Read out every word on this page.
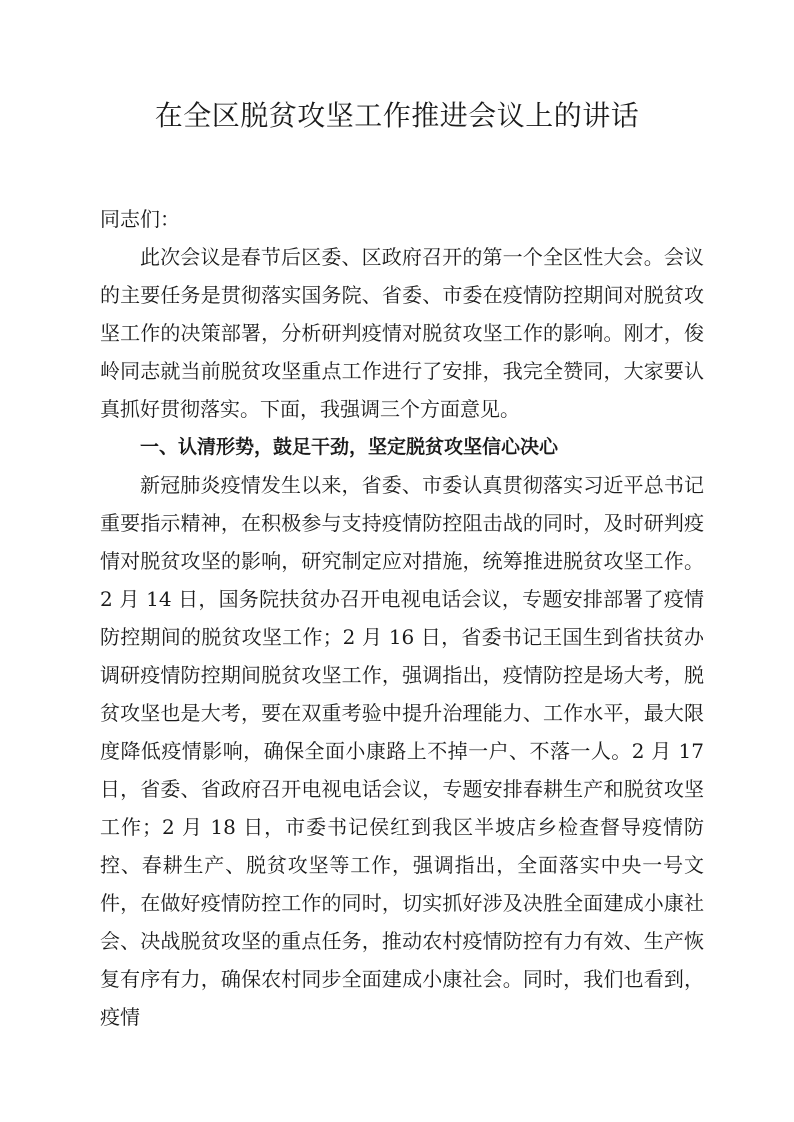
在全区脱贫攻坚工作推进会议上的讲话

同志们：

此次会议是春节后区委、区政府召开的第一个全区性大会。会议的主要任务是贯彻落实国务院、省委、市委在疫情防控期间对脱贫攻坚工作的决策部署，分析研判疫情对脱贫攻坚工作的影响。刚才，俊岭同志就当前脱贫攻坚重点工作进行了安排，我完全赞同，大家要认真抓好贯彻落实。下面，我强调三个方面意见。

一、认清形势，鼓足干劲，坚定脱贫攻坚信心决心

新冠肺炎疫情发生以来，省委、市委认真贯彻落实习近平总书记重要指示精神，在积极参与支持疫情防控阻击战的同时，及时研判疫情对脱贫攻坚的影响，研究制定应对措施，统筹推进脱贫攻坚工作。2 月 14 日，国务院扶贫办召开电视电话会议，专题安排部署了疫情防控期间的脱贫攻坚工作；2 月 16 日，省委书记王国生到省扶贫办调研疫情防控期间脱贫攻坚工作，强调指出，疫情防控是场大考，脱贫攻坚也是大考，要在双重考验中提升治理能力、工作水平，最大限度降低疫情影响，确保全面小康路上不掉一户、不落一人。2 月 17 日，省委、省政府召开电视电话会议，专题安排春耕生产和脱贫攻坚工作；2 月 18 日，市委书记侯红到我区半坡店乡检查督导疫情防控、春耕生产、脱贫攻坚等工作，强调指出，全面落实中央一号文件，在做好疫情防控工作的同时，切实抓好涉及决胜全面建成小康社会、决战脱贫攻坚的重点任务，推动农村疫情防控有力有效、生产恢复有序有力，确保农村同步全面建成小康社会。同时，我们也看到，疫情
